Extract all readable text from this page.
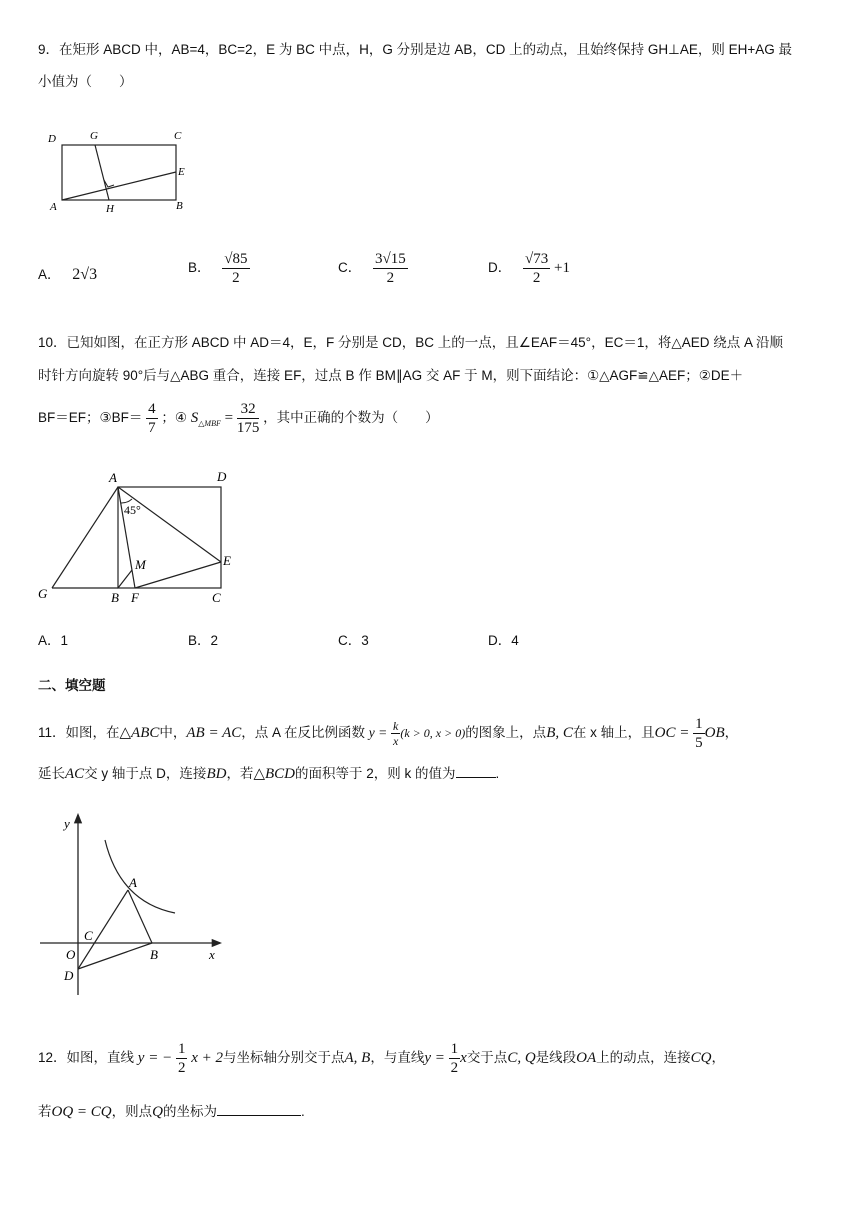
9．在矩形 ABCD 中，AB=4，BC=2，E 为 BC 中点，H，G 分别是边 AB，CD 上的动点，且始终保持 GH⊥AE，则 EH+AG 最
小值为（　　）
D	G	C
E
A	H	B
A． 2√3	B． $\frac{√85}{2}$	C． $\frac{3√15}{2}$	D． $\frac{√73}{2} +1$
10．已知如图，在正方形 ABCD 中 AD＝4，E，F 分别是 CD，BC 上的一点，且∠EAF＝45°，EC＝1，将△AED 绕点 A 沿顺
时针方向旋转 90°后与△ABG 重合，连接 EF，过点 B 作 BM∥AG 交 AF 于 M，则下面结论：①△AGF≌△AEF；②DE＋
BF＝EF；③BF＝ $\frac{4}{7}$ ；④ $S_{\triangle MBF} = \frac{32}{175}$ ，其中正确的个数为（　　）
A	D
45°
E
M
G	B F	C
A．1	B．2	C．3	D．4
二、填空题
11．如图，在△ABC中，AB = AC，点 A 在反比例函数 $y = \frac{k}{x} (k > 0$, x > 0)的图象上，点B, C在 x 轴上，且OC = $\frac{1}{5}$ OB，
延长AC交 y 轴于点 D，连接BD，若△BCD的面积等于 2，则 k 的值为	.
y
x
A
B
C
O
D
12．如图，直线 y = − $\frac{1}{2}$ x + 2与坐标轴分别交于点A, B，与直线$y = \frac{1}{2}$ x交于点C, Q是线段OA上的动点，连接CQ，
若OQ = CQ，则点Q的坐标为	.
